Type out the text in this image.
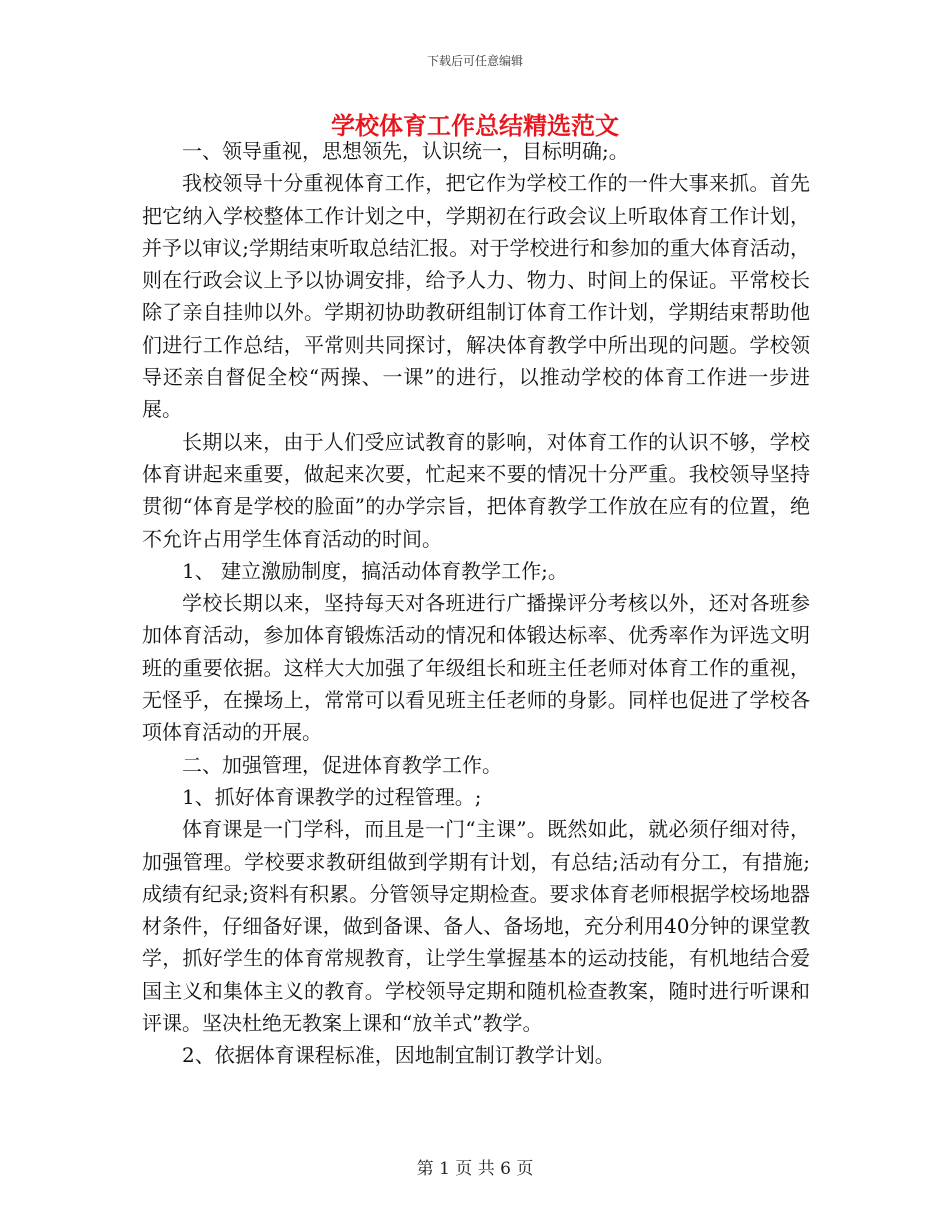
下载后可任意编辑
学校体育工作总结精选范文

一、领导重视，思想领先，认识统一，目标明确;。

我校领导十分重视体育工作，把它作为学校工作的一件大事来抓。首先把它纳入学校整体工作计划之中，学期初在行政会议上听取体育工作计划，并予以审议;学期结束听取总结汇报。对于学校进行和参加的重大体育活动，则在行政会议上予以协调安排，给予人力、物力、时间上的保证。平常校长除了亲自挂帅以外。学期初协助教研组制订体育工作计划，学期结束帮助他们进行工作总结，平常则共同探讨，解决体育教学中所出现的问题。学校领导还亲自督促全校“两操、一课”的进行，以推动学校的体育工作进一步进展。

长期以来，由于人们受应试教育的影响，对体育工作的认识不够，学校体育讲起来重要，做起来次要，忙起来不要的情况十分严重。我校领导坚持贯彻“体育是学校的脸面”的办学宗旨，把体育教学工作放在应有的位置，绝不允许占用学生体育活动的时间。

1、 建立激励制度，搞活动体育教学工作;。

学校长期以来，坚持每天对各班进行广播操评分考核以外，还对各班参加体育活动，参加体育锻炼活动的情况和体锻达标率、优秀率作为评选文明班的重要依据。这样大大加强了年级组长和班主任老师对体育工作的重视，无怪乎，在操场上，常常可以看见班主任老师的身影。同样也促进了学校各项体育活动的开展。

二、加强管理，促进体育教学工作。

1、抓好体育课教学的过程管理。;

体育课是一门学科，而且是一门“主课”。既然如此，就必须仔细对待，加强管理。学校要求教研组做到学期有计划，有总结;活动有分工，有措施;成绩有纪录;资料有积累。分管领导定期检查。要求体育老师根据学校场地器材条件，仔细备好课，做到备课、备人、备场地，充分利用40分钟的课堂教学，抓好学生的体育常规教育，让学生掌握基本的运动技能，有机地结合爱国主义和集体主义的教育。学校领导定期和随机检查教案，随时进行听课和评课。坚决杜绝无教案上课和“放羊式”教学。

2、依据体育课程标准，因地制宜制订教学计划。

第 1 页 共 6 页
